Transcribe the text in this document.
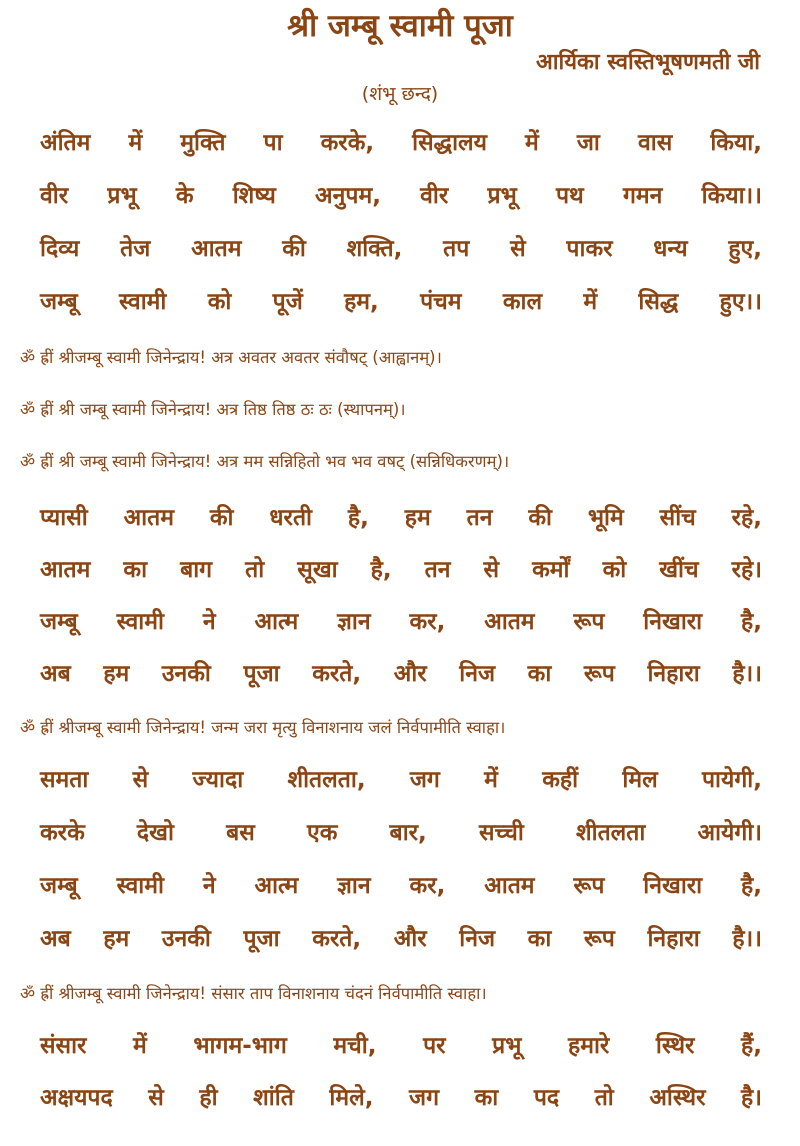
श्री जम्बू स्वामी पूजा
आर्यिका स्वस्तिभूषणमती जी
(शंभू छन्द)
अंतिम में मुक्ति पा करके, सिद्धालय में जा वास किया,
वीर प्रभू के शिष्य अनुपम, वीर प्रभू पथ गमन किया।।
दिव्य तेज आतम की शक्ति, तप से पाकर धन्य हुए,
जम्बू स्वामी को पूजें हम, पंचम काल में सिद्ध हुए।।
ॐ ह्रीं श्रीजम्बू स्वामी जिनेन्द्राय! अत्र अवतर अवतर संवौषट् (आह्वानम्)।
ॐ ह्रीं श्री जम्बू स्वामी जिनेन्द्राय! अत्र तिष्ठ तिष्ठ ठः ठः (स्थापनम्)।
ॐ ह्रीं श्री जम्बू स्वामी जिनेन्द्राय! अत्र मम सन्निहितो भव भव वषट् (सन्निधिकरणम्)।
प्यासी आतम की धरती है, हम तन की भूमि सींच रहे,
आतम का बाग तो सूखा है, तन से कर्मों को खींच रहे।
जम्बू स्वामी ने आत्म ज्ञान कर, आतम रूप निखारा है,
अब हम उनकी पूजा करते, और निज का रूप निहारा है।।
ॐ ह्रीं श्रीजम्बू स्वामी जिनेन्द्राय! जन्म जरा मृत्यु विनाशनाय जलं निर्वपामीति स्वाहा।
समता से ज्यादा शीतलता, जग में कहीं मिल पायेगी,
करके देखो बस एक बार, सच्ची शीतलता आयेगी।
जम्बू स्वामी ने आत्म ज्ञान कर, आतम रूप निखारा है,
अब हम उनकी पूजा करते, और निज का रूप निहारा है।।
ॐ ह्रीं श्रीजम्बू स्वामी जिनेन्द्राय! संसार ताप विनाशनाय चंदनं निर्वपामीति स्वाहा।
संसार में भागम-भाग मची, पर प्रभू हमारे स्थिर हैं,
अक्षयपद से ही शांति मिले, जग का पद तो अस्थिर है।
